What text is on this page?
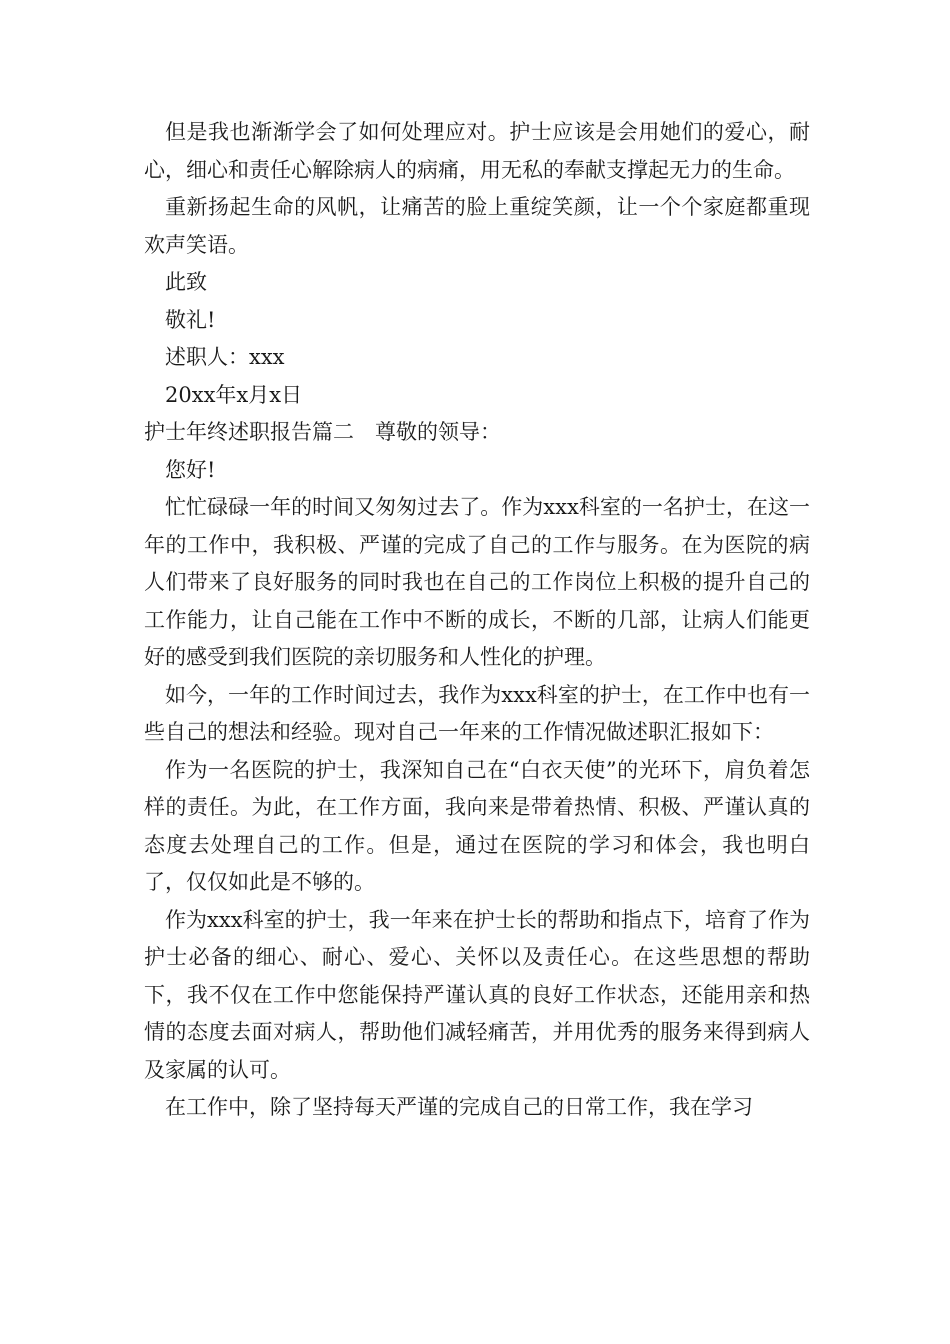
但是我也渐渐学会了如何处理应对。护士应该是会用她们的爱心，耐心，细心和责任心解除病人的病痛，用无私的奉献支撑起无力的生命。

重新扬起生命的风帆，让痛苦的脸上重绽笑颜，让一个个家庭都重现欢声笑语。

此致

敬礼!

述职人：xxx

20xx年x月x日

护士年终述职报告篇二　尊敬的领导：

您好!

忙忙碌碌一年的时间又匆匆过去了。作为xxx科室的一名护士，在这一年的工作中，我积极、严谨的完成了自己的工作与服务。在为医院的病人们带来了良好服务的同时我也在自己的工作岗位上积极的提升自己的工作能力，让自己能在工作中不断的成长，不断的几部，让病人们能更好的感受到我们医院的亲切服务和人性化的护理。

如今，一年的工作时间过去，我作为xxx科室的护士，在工作中也有一些自己的想法和经验。现对自己一年来的工作情况做述职汇报如下：

作为一名医院的护士，我深知自己在“白衣天使”的光环下，肩负着怎样的责任。为此，在工作方面，我向来是带着热情、积极、严谨认真的态度去处理自己的工作。但是，通过在医院的学习和体会，我也明白了，仅仅如此是不够的。

作为xxx科室的护士，我一年来在护士长的帮助和指点下，培育了作为护士必备的细心、耐心、爱心、关怀以及责任心。在这些思想的帮助下，我不仅在工作中您能保持严谨认真的良好工作状态，还能用亲和热情的态度去面对病人，帮助他们减轻痛苦，并用优秀的服务来得到病人及家属的认可。

在工作中，除了坚持每天严谨的完成自己的日常工作，我在学习
